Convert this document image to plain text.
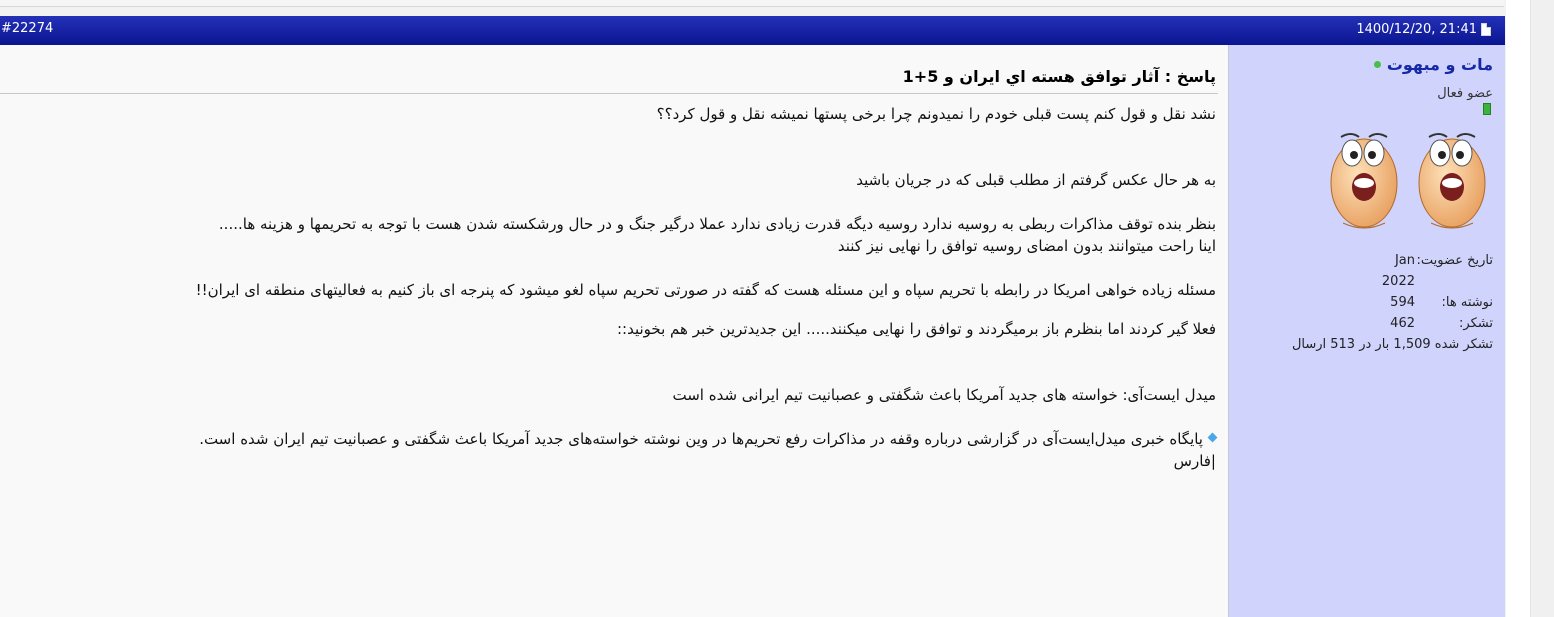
#22274	1400/12/20, 21:41
مات و مبهوت
عضو فعال
تاریخ عضویت:
Jan 2022
نوشته ها:
594
تشکر:
462
تشکر شده 1,509 بار در 513 ارسال
پاسخ : آثار توافق هسته اي ايران و 5+1

نشد نقل و قول کنم پست قبلی خودم را نمیدونم چرا برخی پستها نمیشه نقل و قول کرد؟؟

به هر حال عکس گرفتم از مطلب قبلی که در جریان باشید

بنظر بنده توقف مذاکرات ربطی به روسیه ندارد روسیه دیگه قدرت زیادی ندارد عملا درگیر جنگ و در حال ورشکسته شدن هست با توجه به تحریمها و هزینه ها.....

اینا راحت میتوانند بدون امضای روسیه توافق را نهایی نیز کنند

مسئله زیاده خواهی امریکا در رابطه با تحریم سپاه و این مسئله هست که گفته در صورتی تحریم سپاه لغو میشود که پنرجه ای باز کنیم به فعالیتهای منطقه ای ایران!!

فعلا گیر کردند اما بنظرم باز برمیگردند و توافق را نهایی میکنند..... این جدیدترین خبر هم بخونید::

میدل ایست‌آی: خواسته های جدید آمریکا باعث شگفتی و عصبانیت تیم ایرانی شده است

پایگاه خبری میدل‌ایست‌آی در گزارشی درباره وقفه در مذاکرات رفع تحریم‌ها در وین نوشته خواسته‌های جدید آمریکا باعث شگفتی و عصبانیت تیم ایران شده است.

|فارس
